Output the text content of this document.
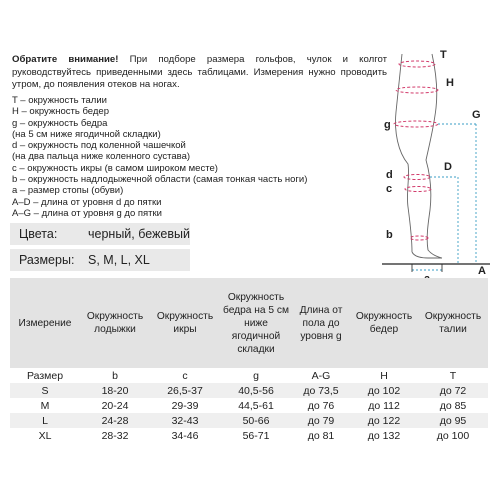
Обратите внимание! При подборе размера гольфов, чулок и колгот руководствуйтесь приведенными здесь таблицами. Измерения нужно проводить утром, до появления отеков на ногах.
T – окружность талии
H – окружность бедер
g – окружность бедра
(на 5 см ниже ягодичной складки)
d – окружность под коленной чашечкой
(на два пальца ниже коленного сустава)
c – окружность икры (в самом широком месте)
b – окружность надлодыжечной области (самая тонкая часть ноги)
a – размер стопы (обуви)
A–D – длина от уровня d до пятки
A–G – длина от уровня g до пятки
Цвета: черный, бежевый
Размеры: S, M, L, XL
T
H
G
g
D
d
c
b
A
Измерение	Окружность лодыжки	Окружность икры	Окружность бедра на 5 см ниже ягодичной складки	Длина от пола до уровня g	Окружность бедер	Окружность талии
Размер	b	c	g	A-G	H	T
S	18-20	26,5-37	40,5-56	до 73,5	до 102	до 72
M	20-24	29-39	44,5-61	до 76	до 112	до 85
L	24-28	32-43	50-66	до 79	до 122	до 95
XL	28-32	34-46	56-71	до 81	до 132	до 100
